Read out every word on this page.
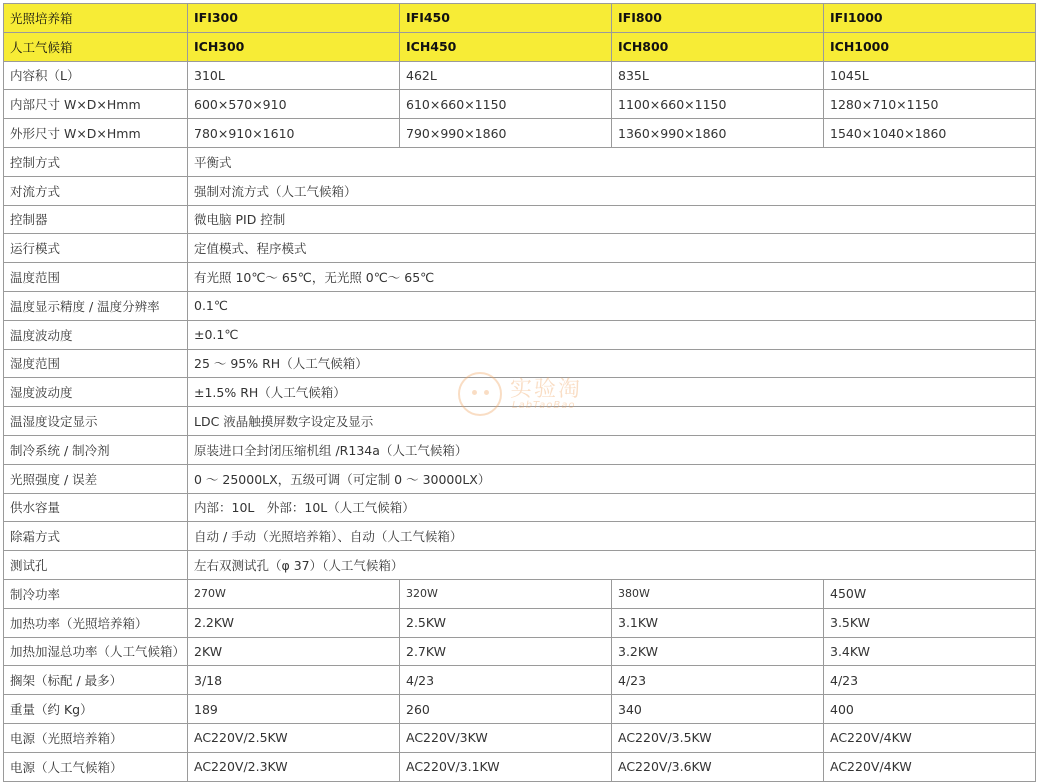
光照培养箱	IFI300	IFI450	IFI800	IFI1000
人工气候箱	ICH300	ICH450	ICH800	ICH1000
内容积（L）	310L	462L	835L	1045L
内部尺寸 W×D×Hmm	600×570×910	610×660×1150	1100×660×1150	1280×710×1150
外形尺寸 W×D×Hmm	780×910×1610	790×990×1860	1360×990×1860	1540×1040×1860
控制方式	平衡式			
对流方式	强制对流方式（人工气候箱）			
控制器	微电脑 PID 控制			
运行模式	定值模式、程序模式			
温度范围	有光照 10℃～ 65℃，无光照 0℃～ 65℃			
温度显示精度 / 温度分辨率	0.1℃			
温度波动度	±0.1℃			
湿度范围	25 ～ 95% RH（人工气候箱）			
湿度波动度	±1.5% RH（人工气候箱）			
温湿度设定显示	LDC 液晶触摸屏数字设定及显示			
制冷系统 / 制冷剂	原装进口全封闭压缩机组 /R134a（人工气候箱）			
光照强度 / 误差	0 ～ 25000LX，五级可调（可定制 0 ～ 30000LX）			
供水容量	内部：10L　外部：10L（人工气候箱）			
除霜方式	自动 / 手动（光照培养箱）、自动（人工气候箱）			
测试孔	左右双测试孔（φ 37）（人工气候箱）			
制冷功率	270W	320W	380W	450W
加热功率（光照培养箱）	2.2KW	2.5KW	3.1KW	3.5KW
加热加湿总功率（人工气候箱）	2KW	2.7KW	3.2KW	3.4KW
搁架（标配 / 最多）	3/18	4/23	4/23	4/23
重量（约 Kg）	189	260	340	400
电源（光照培养箱）	AC220V/2.5KW	AC220V/3KW	AC220V/3.5KW	AC220V/4KW
电源（人工气候箱）	AC220V/2.3KW	AC220V/3.1KW	AC220V/3.6KW	AC220V/4KW
实验淘
LabTaoBao
